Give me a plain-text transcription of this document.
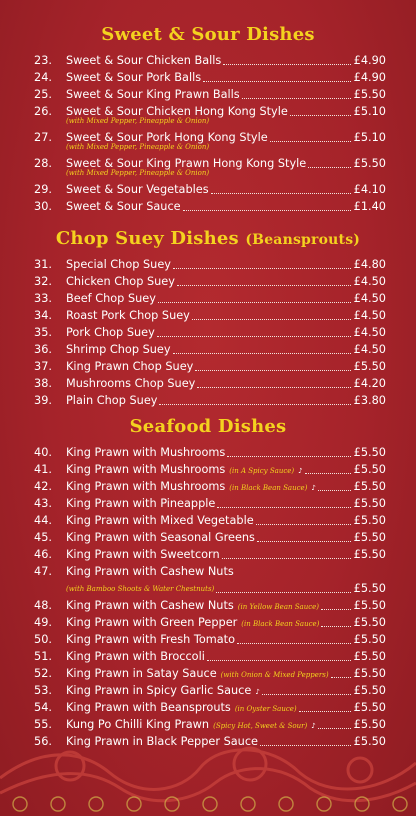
Sweet & Sour Dishes
23. Sweet & Sour Chicken Balls	£4.90
24. Sweet & Sour Pork Balls	£4.90
25. Sweet & Sour King Prawn Balls	£5.50
26. Sweet & Sour Chicken Hong Kong Style	£5.10
(with Mixed Pepper, Pineapple & Onion)
27. Sweet & Sour Pork Hong Kong Style	£5.10
(with Mixed Pepper, Pineapple & Onion)
28. Sweet & Sour King Prawn Hong Kong Style	£5.50
(with Mixed Pepper, Pineapple & Onion)
29. Sweet & Sour Vegetables	£4.10
30. Sweet & Sour Sauce	£1.40
Chop Suey Dishes (Beansprouts)
31. Special Chop Suey	£4.80
32. Chicken Chop Suey	£4.50
33. Beef Chop Suey	£4.50
34. Roast Pork Chop Suey	£4.50
35. Pork Chop Suey	£4.50
36. Shrimp Chop Suey	£4.50
37. King Prawn Chop Suey	£5.50
38. Mushrooms Chop Suey	£4.20
39. Plain Chop Suey	£3.80
Seafood Dishes
40. King Prawn with Mushrooms	£5.50
41. King Prawn with Mushrooms (in A Spicy Sauce) ♪	£5.50
42. King Prawn with Mushrooms (in Black Bean Sauce) ♪	£5.50
43. King Prawn with Pineapple	£5.50
44. King Prawn with Mixed Vegetable	£5.50
45. King Prawn with Seasonal Greens	£5.50
46. King Prawn with Sweetcorn	£5.50
47. King Prawn with Cashew Nuts
(with Bamboo Shoots & Water Chestnuts)	£5.50
48. King Prawn with Cashew Nuts (in Yellow Bean Sauce)	£5.50
49. King Prawn with Green Pepper (in Black Bean Sauce)	£5.50
50. King Prawn with Fresh Tomato	£5.50
51. King Prawn with Broccoli	£5.50
52. King Prawn in Satay Sauce (with Onion & Mixed Peppers) £5.50
53. King Prawn in Spicy Garlic Sauce ♪	£5.50
54. King Prawn with Beansprouts (in Oyster Sauce)	£5.50
55. Kung Po Chilli King Prawn (Spicy Hot, Sweet & Sour) ♪	£5.50
56. King Prawn in Black Pepper Sauce	£5.50
